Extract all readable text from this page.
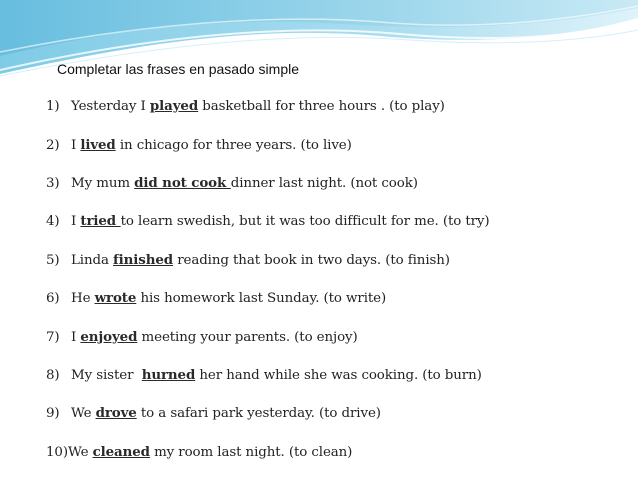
Completar las frases en pasado simple
1) Yesterday I played basketball for three hours . (to play)
2) I lived in chicago for three years. (to live)
3) My mum did not cook dinner last night. (not cook)
4) I tried to learn swedish, but it was too difficult for me. (to try)
5) Linda finished reading that book in two days. (to finish)
6) He wrote his homework last Sunday. (to write)
7) I enjoyed meeting your parents. (to enjoy)
8) My sister  hurned her hand while she was cooking. (to burn)
9) We drove to a safari park yesterday. (to drive)
10)We cleaned my room last night. (to clean)
